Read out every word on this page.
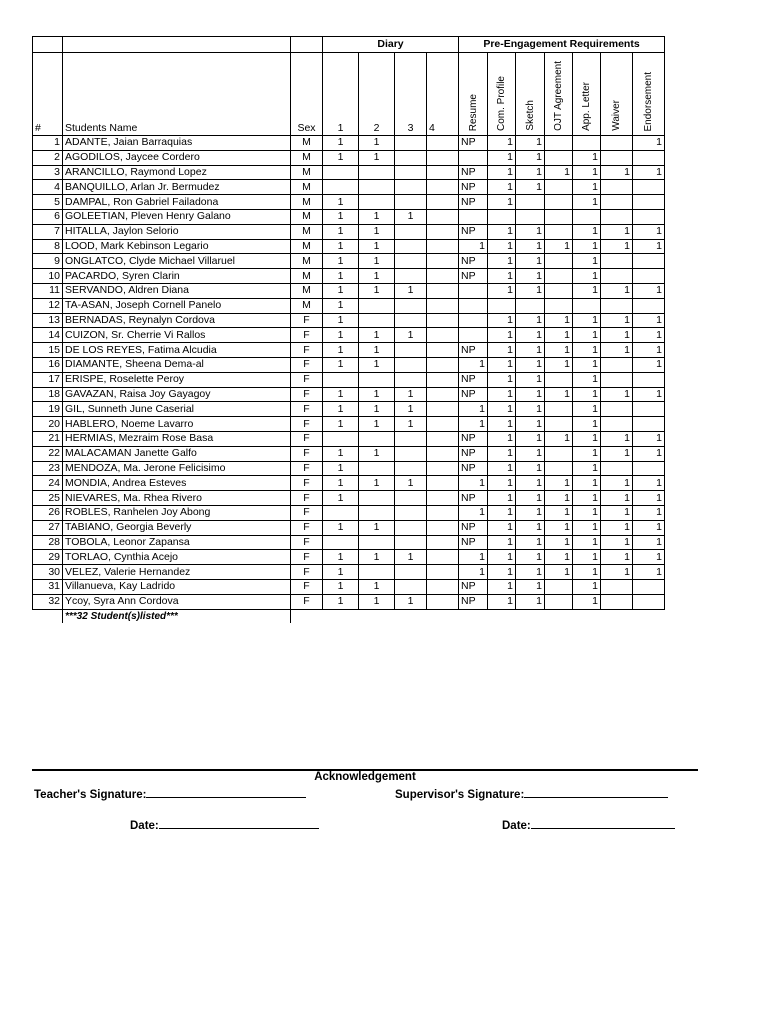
			Diary				Pre-Engagement Requirements						
#	Students Name	Sex	1	2	3	4	Resume	Com. Profile	Sketch	OJT Agreement	App. Letter	Waiver	Endorsement
1	ADANTE, Jaian Barraquias	M	1	1			NP	1	1				1
2	AGODILOS, Jaycee Cordero	M	1	1				1	1		1		
3	ARANCILLO, Raymond Lopez	M					NP	1	1	1	1	1	1
4	BANQUILLO, Arlan Jr. Bermudez	M					NP	1	1		1		
5	DAMPAL, Ron Gabriel Failadona	M	1				NP	1			1		
6	GOLEETIAN, Pleven Henry Galano	M	1	1	1								
7	HITALLA, Jaylon Selorio	M	1	1			NP	1	1		1	1	1
8	LOOD, Mark Kebinson Legario	M	1	1			1	1	1	1	1	1	1
9	ONGLATCO, Clyde Michael Villaruel	M	1	1			NP	1	1		1		
10	PACARDO, Syren Clarin	M	1	1			NP	1	1		1		
11	SERVANDO, Aldren Diana	M	1	1	1			1	1		1	1	1
12	TA-ASAN, Joseph Cornell Panelo	M	1										
13	BERNADAS, Reynalyn Cordova	F	1					1	1	1	1	1	1
14	CUIZON, Sr. Cherrie Vi Rallos	F	1	1	1			1	1	1	1	1	1
15	DE LOS REYES, Fatima Alcudia	F	1	1			NP	1	1	1	1	1	1
16	DIAMANTE, Sheena Dema-al	F	1	1			1	1	1	1	1		1
17	ERISPE, Roselette Peroy	F					NP	1	1		1		
18	GAVAZAN, Raisa Joy Gayagoy	F	1	1	1		NP	1	1	1	1	1	1
19	GIL, Sunneth June Caserial	F	1	1	1		1	1	1		1		
20	HABLERO, Noeme Lavarro	F	1	1	1		1	1	1		1		
21	HERMIAS, Mezraim Rose Basa	F					NP	1	1	1	1	1	1
22	MALACAMAN Janette Galfo	F	1	1			NP	1	1		1	1	1
23	MENDOZA, Ma. Jerone Felicisimo	F	1				NP	1	1		1		
24	MONDIA, Andrea Esteves	F	1	1	1		1	1	1	1	1	1	1
25	NIEVARES, Ma. Rhea Rivero	F	1				NP	1	1	1	1	1	1
26	ROBLES, Ranhelen Joy Abong	F					1	1	1	1	1	1	1
27	TABIANO, Georgia Beverly	F	1	1			NP	1	1	1	1	1	1
28	TOBOLA, Leonor Zapansa	F					NP	1	1	1	1	1	1
29	TORLAO, Cynthia Acejo	F	1	1	1		1	1	1	1	1	1	1
30	VELEZ, Valerie Hernandez	F	1				1	1	1	1	1	1	1
31	Villanueva, Kay Ladrido	F	1	1			NP	1	1		1		
32	Ycoy, Syra Ann Cordova	F	1	1	1		NP	1	1		1		
	***32 Student(s)listed***												
Acknowledgement
Teacher's Signature:	Supervisor's Signature:
Date:	Date:
